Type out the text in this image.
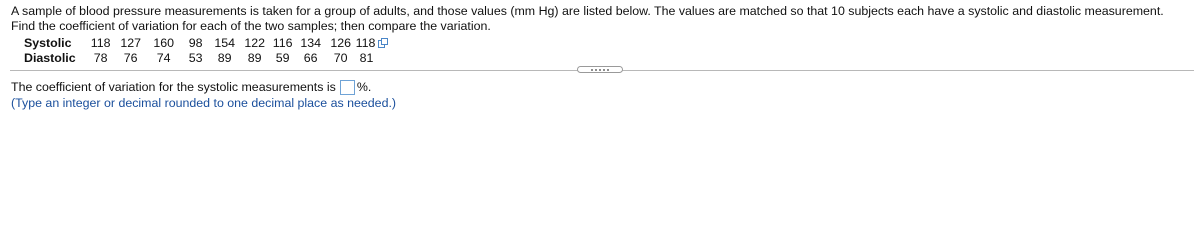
A sample of blood pressure measurements is taken for a group of adults, and those values (mm Hg) are listed below. The values are matched so that 10 subjects each have a systolic and diastolic measurement. Find the coefficient of variation for each of the two samples; then compare the variation.
Systolic	118	127	160	98	154	122	116	134	126	118
Diastolic	78	76	74	53	89	89	59	66	70	81
The coefficient of variation for the systolic measurements is %.
(Type an integer or decimal rounded to one decimal place as needed.)
